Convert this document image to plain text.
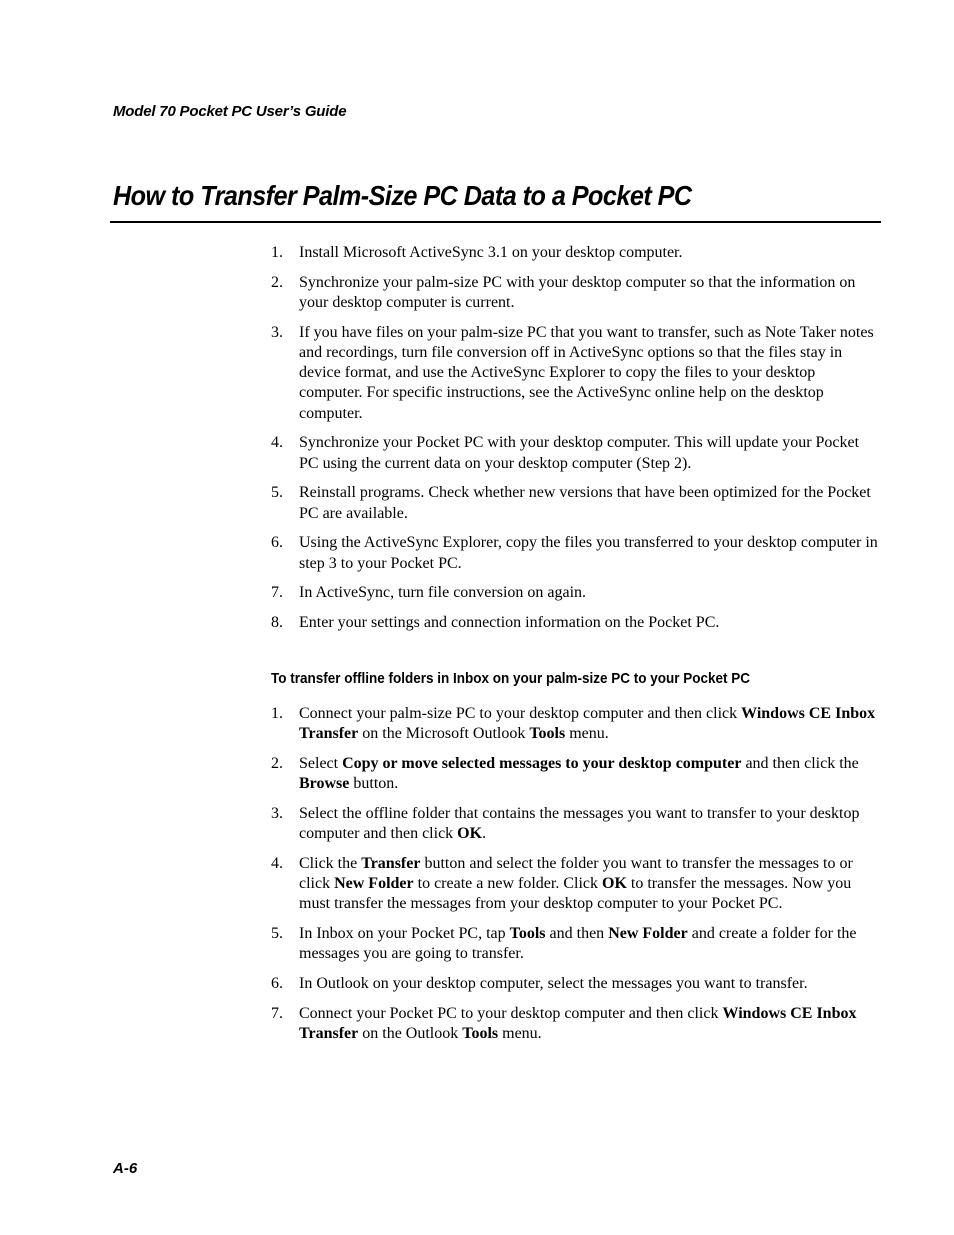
Model 70 Pocket PC User’s Guide
How to Transfer Palm-Size PC Data to a Pocket PC
1. Install Microsoft ActiveSync 3.1 on your desktop computer.
2. Synchronize your palm-size PC with your desktop computer so that the information on your desktop computer is current.
3. If you have files on your palm-size PC that you want to transfer, such as Note Taker notes and recordings, turn file conversion off in ActiveSync options so that the files stay in device format, and use the ActiveSync Explorer to copy the files to your desktop computer. For specific instructions, see the ActiveSync online help on the desktop computer.
4. Synchronize your Pocket PC with your desktop computer. This will update your Pocket PC using the current data on your desktop computer (Step 2).
5. Reinstall programs. Check whether new versions that have been optimized for the Pocket PC are available.
6. Using the ActiveSync Explorer, copy the files you transferred to your desktop computer in step 3 to your Pocket PC.
7. In ActiveSync, turn file conversion on again.
8. Enter your settings and connection information on the Pocket PC.
To transfer offline folders in Inbox on your palm-size PC to your Pocket PC
1. Connect your palm-size PC to your desktop computer and then click Windows CE Inbox Transfer on the Microsoft Outlook Tools menu.
2. Select Copy or move selected messages to your desktop computer and then click the Browse button.
3. Select the offline folder that contains the messages you want to transfer to your desktop computer and then click OK.
4. Click the Transfer button and select the folder you want to transfer the messages to or click New Folder to create a new folder. Click OK to transfer the messages. Now you must transfer the messages from your desktop computer to your Pocket PC.
5. In Inbox on your Pocket PC, tap Tools and then New Folder and create a folder for the messages you are going to transfer.
6. In Outlook on your desktop computer, select the messages you want to transfer.
7. Connect your Pocket PC to your desktop computer and then click Windows CE Inbox Transfer on the Outlook Tools menu.
A-6
